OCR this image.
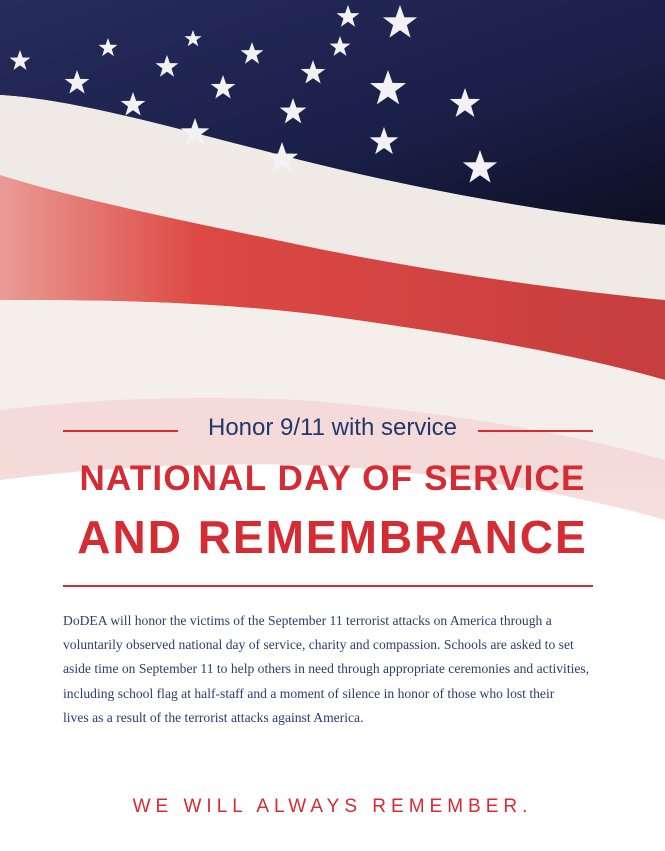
Honor 9/11 with service
NATIONAL DAY OF SERVICE
AND REMEMBRANCE
DoDEA will honor the victims of the September 11 terrorist attacks on America through a
voluntarily observed national day of service, charity and compassion. Schools are asked to set
aside time on September 11 to help others in need through appropriate ceremonies and activities,
including school flag at half-staff and a moment of silence in honor of those who lost their
lives as a result of the terrorist attacks against America.
WE WILL ALWAYS REMEMBER.
